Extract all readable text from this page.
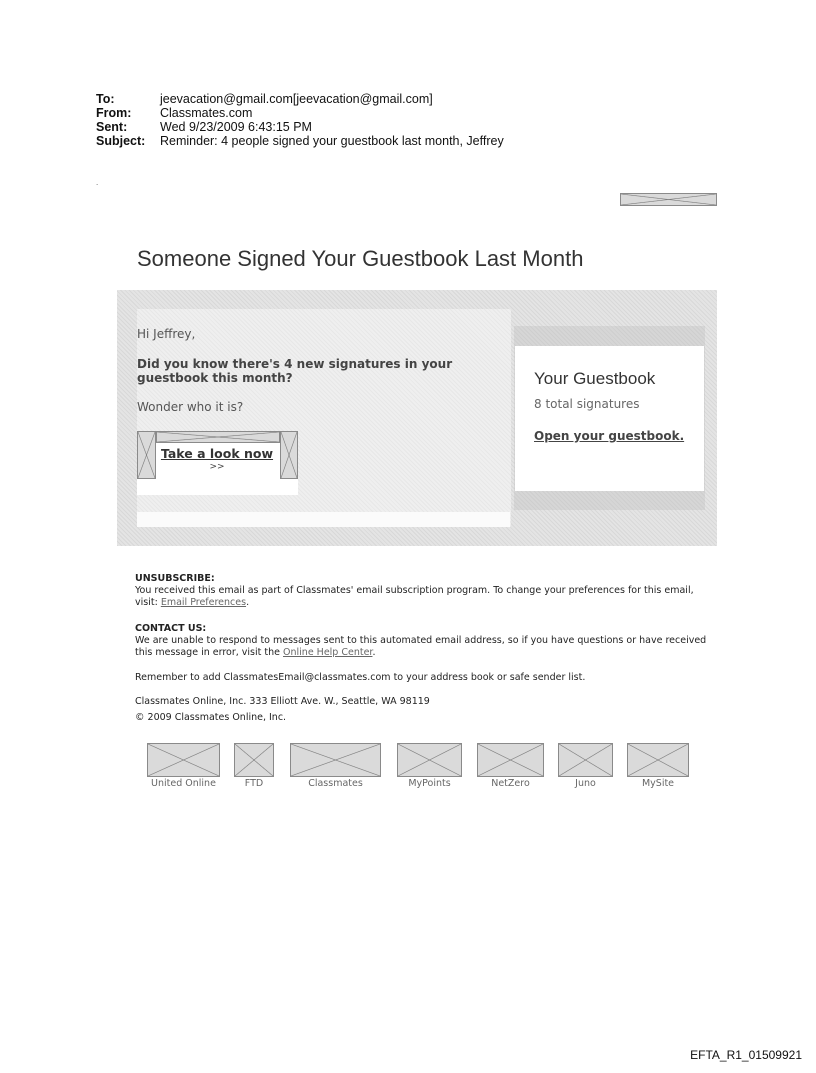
To:	jeevacation@gmail.com[jeevacation@gmail.com]
From:	Classmates.com
Sent:	Wed 9/23/2009 6:43:15 PM
Subject:	Reminder: 4 people signed your guestbook last month, Jeffrey
.
Someone Signed Your Guestbook Last Month
Hi Jeffrey,
Did you know there's 4 new signatures in your guestbook this month?
Wonder who it is?
Take a look now
>>
Your Guestbook
8 total signatures
Open your guestbook.
UNSUBSCRIBE:
You received this email as part of Classmates' email subscription program. To change your preferences for this email, visit: Email Preferences.
CONTACT US:
We are unable to respond to messages sent to this automated email address, so if you have questions or have received this message in error, visit the Online Help Center.
Remember to add ClassmatesEmail@classmates.com to your address book or safe sender list.
Classmates Online, Inc. 333 Elliott Ave. W., Seattle, WA 98119
© 2009 Classmates Online, Inc.
United Online	FTD	Classmates	MyPoints	NetZero	Juno	MySite
EFTA_R1_01509921
